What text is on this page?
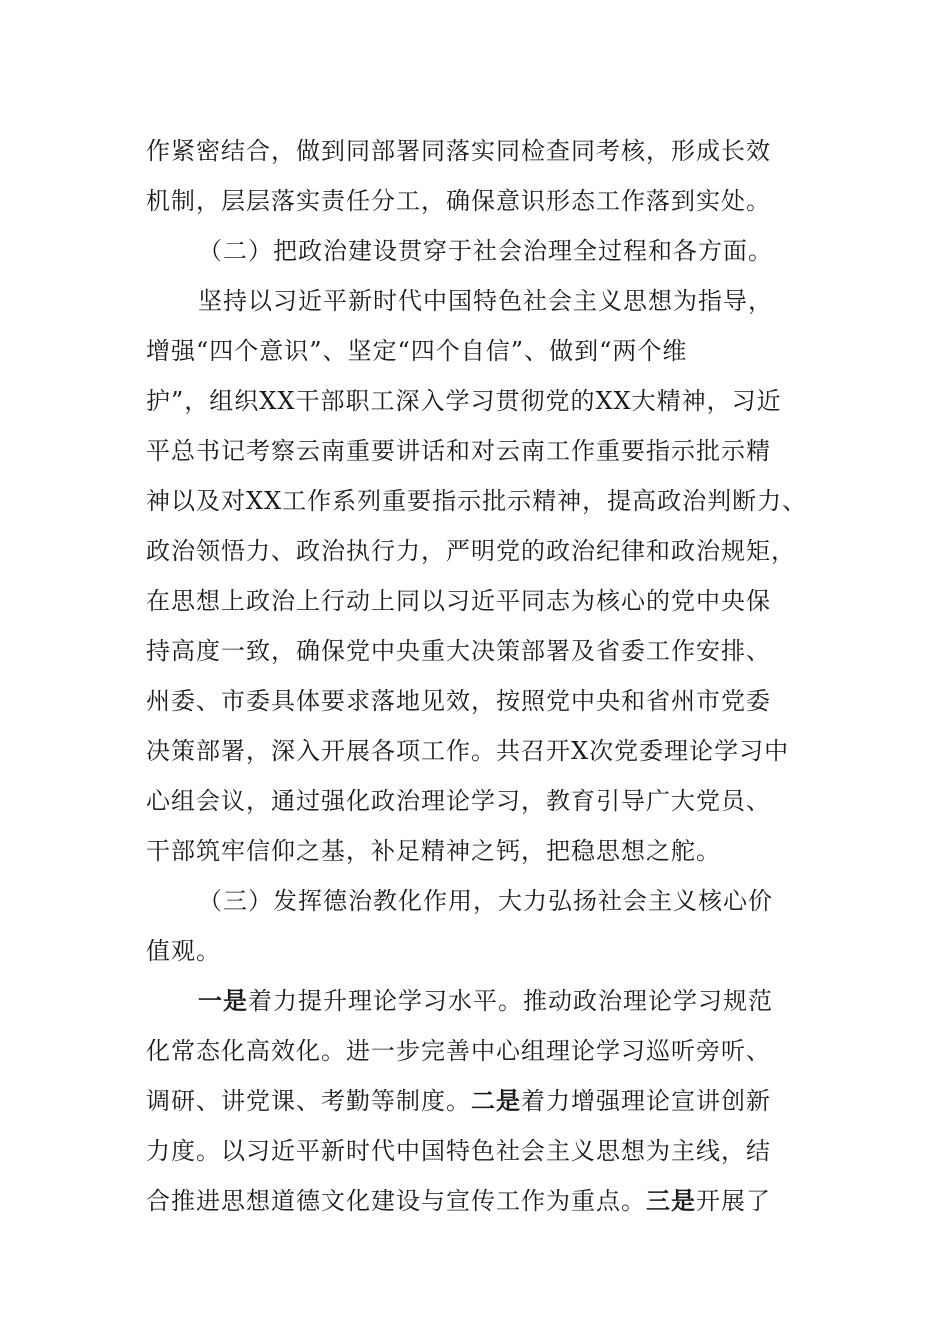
作紧密结合，做到同部署同落实同检查同考核，形成长效
机制，层层落实责任分工，确保意识形态工作落到实处。
（二）把政治建设贯穿于社会治理全过程和各方面。
坚持以习近平新时代中国特色社会主义思想为指导，
增强“四个意识”、坚定“四个自信”、做到“两个维
护”，组织XX干部职工深入学习贯彻党的XX大精神，习近
平总书记考察云南重要讲话和对云南工作重要指示批示精
神以及对XX工作系列重要指示批示精神，提高政治判断力、
政治领悟力、政治执行力，严明党的政治纪律和政治规矩，
在思想上政治上行动上同以习近平同志为核心的党中央保
持高度一致，确保党中央重大决策部署及省委工作安排、
州委、市委具体要求落地见效，按照党中央和省州市党委
决策部署，深入开展各项工作。共召开X次党委理论学习中
心组会议，通过强化政治理论学习，教育引导广大党员、
干部筑牢信仰之基，补足精神之钙，把稳思想之舵。
（三）发挥德治教化作用，大力弘扬社会主义核心价
值观。
一是着力提升理论学习水平。推动政治理论学习规范
化常态化高效化。进一步完善中心组理论学习巡听旁听、
调研、讲党课、考勤等制度。二是着力增强理论宣讲创新
力度。以习近平新时代中国特色社会主义思想为主线，结
合推进思想道德文化建设与宣传工作为重点。三是开展了
